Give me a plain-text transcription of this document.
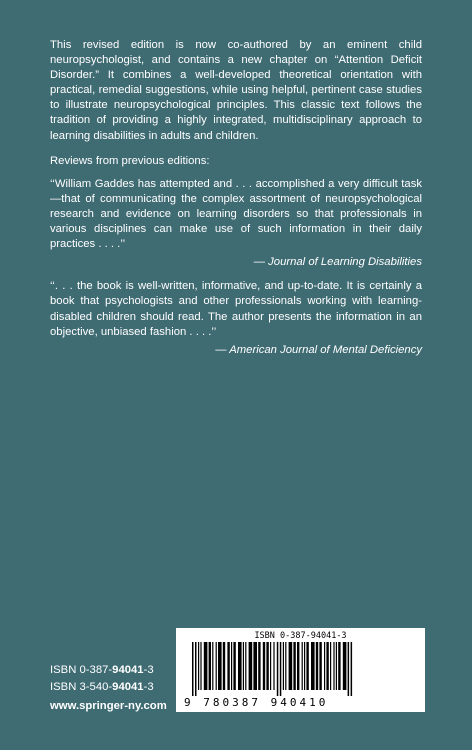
This revised edition is now co-authored by an eminent child neuropsychologist, and contains a new chapter on “Attention Deficit Disorder.” It combines a well-developed theoretical orientation with practical, remedial suggestions, while using helpful, pertinent case studies to illustrate neuropsychological principles. This classic text follows the tradition of providing a highly integrated, multidisciplinary approach to learning disabilities in adults and children.

Reviews from previous editions:

‘‘William Gaddes has attempted and . . . accomplished a very difficult task—that of communicating the complex assortment of neuropsychological research and evidence on learning disorders so that professionals in various disciplines can make use of such information in their daily practices . . . .’’

— Journal of Learning Disabilities

‘‘. . . the book is well-written, informative, and up-to-date. It is certainly a book that psychologists and other professionals working with learning-disabled children should read. The author presents the information in an objective, unbiased fashion . . . .’’

— American Journal of Mental Deficiency

ISBN 0-387-94041-3
ISBN 3-540-94041-3
www.springer-ny.com
ISBN 0-387-94041-3
9 780387 940410
